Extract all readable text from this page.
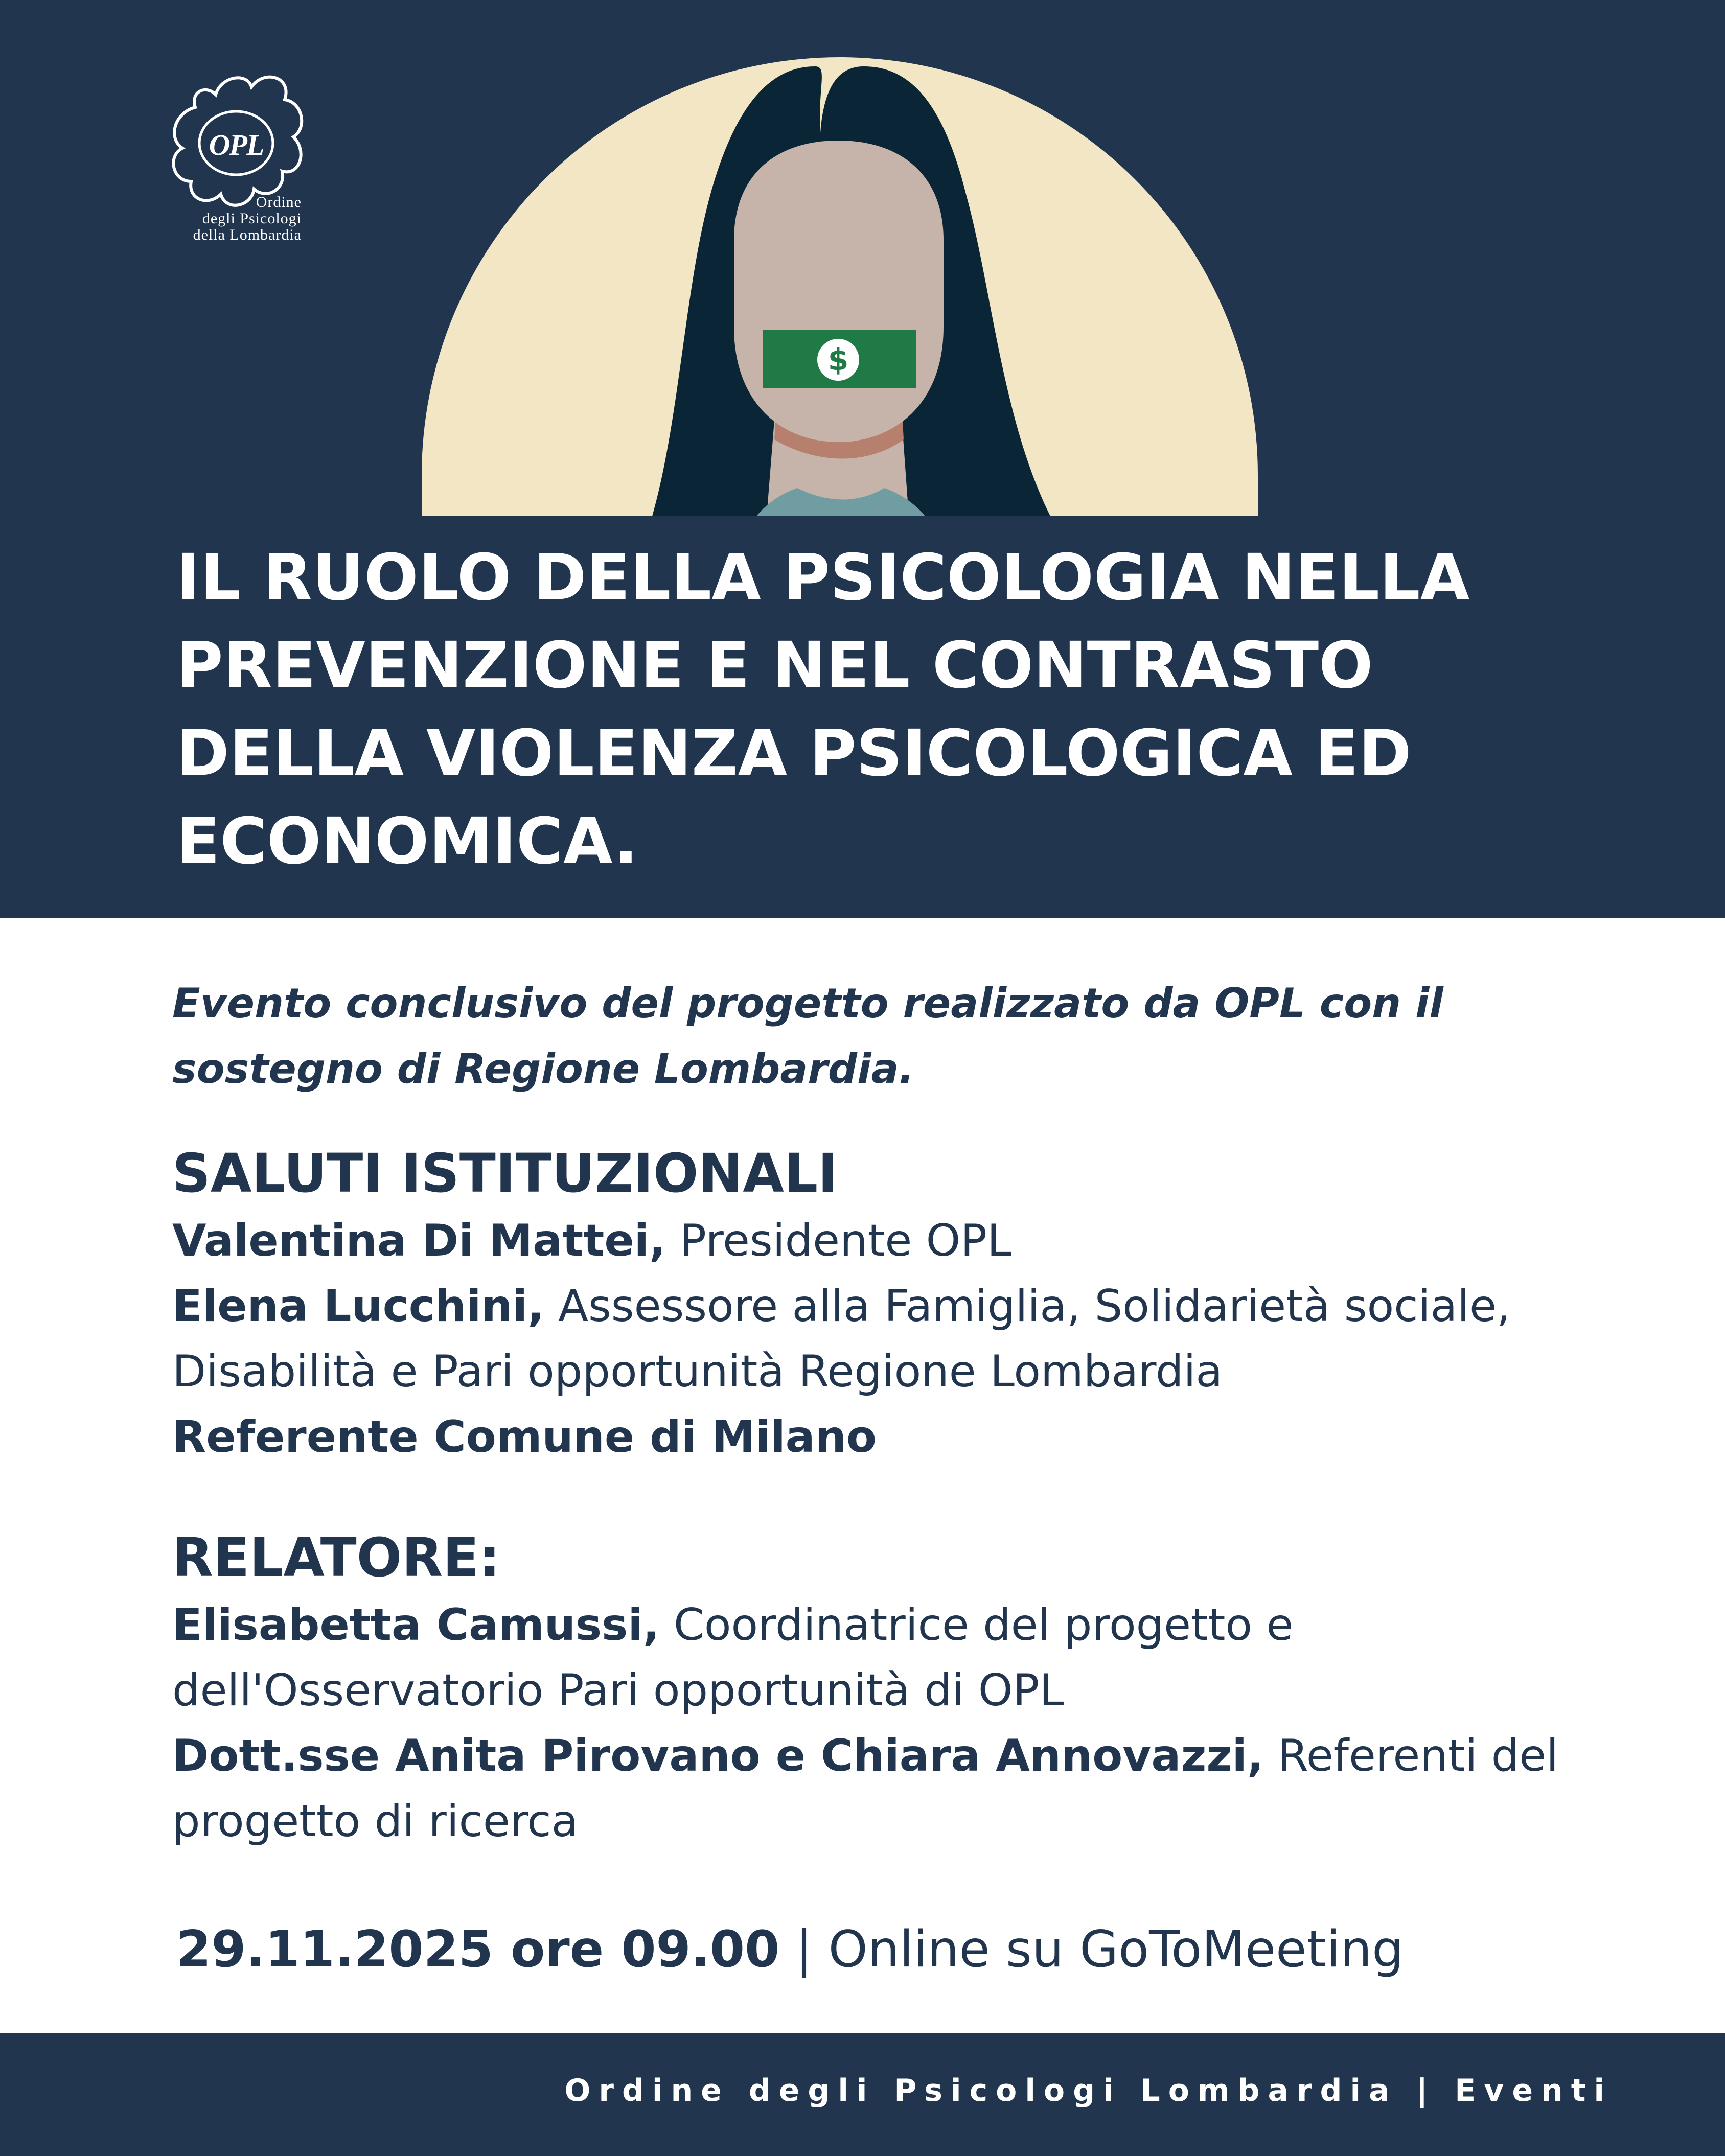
$
OPL
Ordine
degli Psicologi
della Lombardia
IL RUOLO DELLA PSICOLOGIA NELLA
PREVENZIONE E NEL CONTRASTO
DELLA VIOLENZA PSICOLOGICA ED
ECONOMICA.
Evento conclusivo del progetto realizzato da OPL con il sostegno di Regione Lombardia.
SALUTI ISTITUZIONALI

Valentina Di Mattei, Presidente OPL

Elena Lucchini, Assessore alla Famiglia, Solidarietà sociale, Disabilità e Pari opportunità Regione Lombardia

Referente Comune di Milano

RELATORE:

Elisabetta Camussi, Coordinatrice del progetto e dell'Osservatorio Pari opportunità di OPL

Dott.sse Anita Pirovano e Chiara Annovazzi, Referenti del progetto di ricerca

29.11.2025 ore 09.00 | Online su GoToMeeting
Ordine degli Psicologi Lombardia | Eventi
